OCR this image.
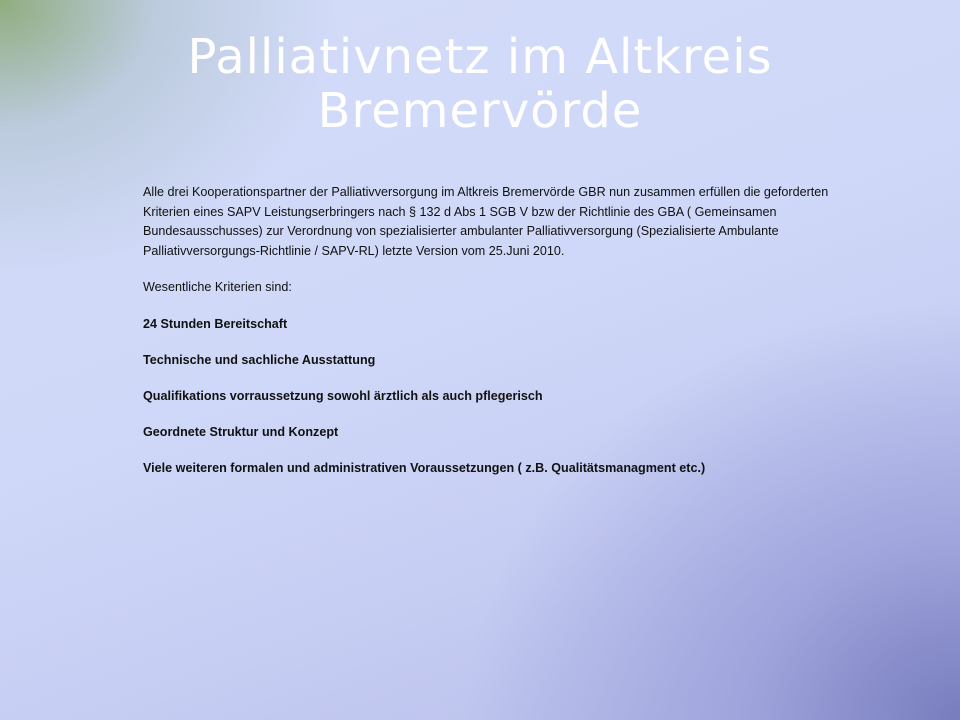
Palliativnetz im Altkreis
Bremervörde

Alle drei Kooperationspartner der Palliativversorgung im Altkreis Bremervörde GBR nun zusammen erfüllen die geforderten Kriterien eines SAPV Leistungserbringers nach § 132 d Abs 1 SGB V bzw der Richtlinie des GBA ( Gemeinsamen Bundesausschusses) zur Verordnung von spezialisierter ambulanter Palliativversorgung (Spezialisierte Ambulante Palliativversorgungs-Richtlinie / SAPV-RL) letzte Version vom 25.Juni 2010.

Wesentliche Kriterien sind:

24 Stunden Bereitschaft
Technische und sachliche Ausstattung
Qualifikations vorraussetzung sowohl ärztlich als auch pflegerisch
Geordnete Struktur und Konzept
Viele weiteren formalen und administrativen Voraussetzungen ( z.B. Qualitätsmanagment etc.)
